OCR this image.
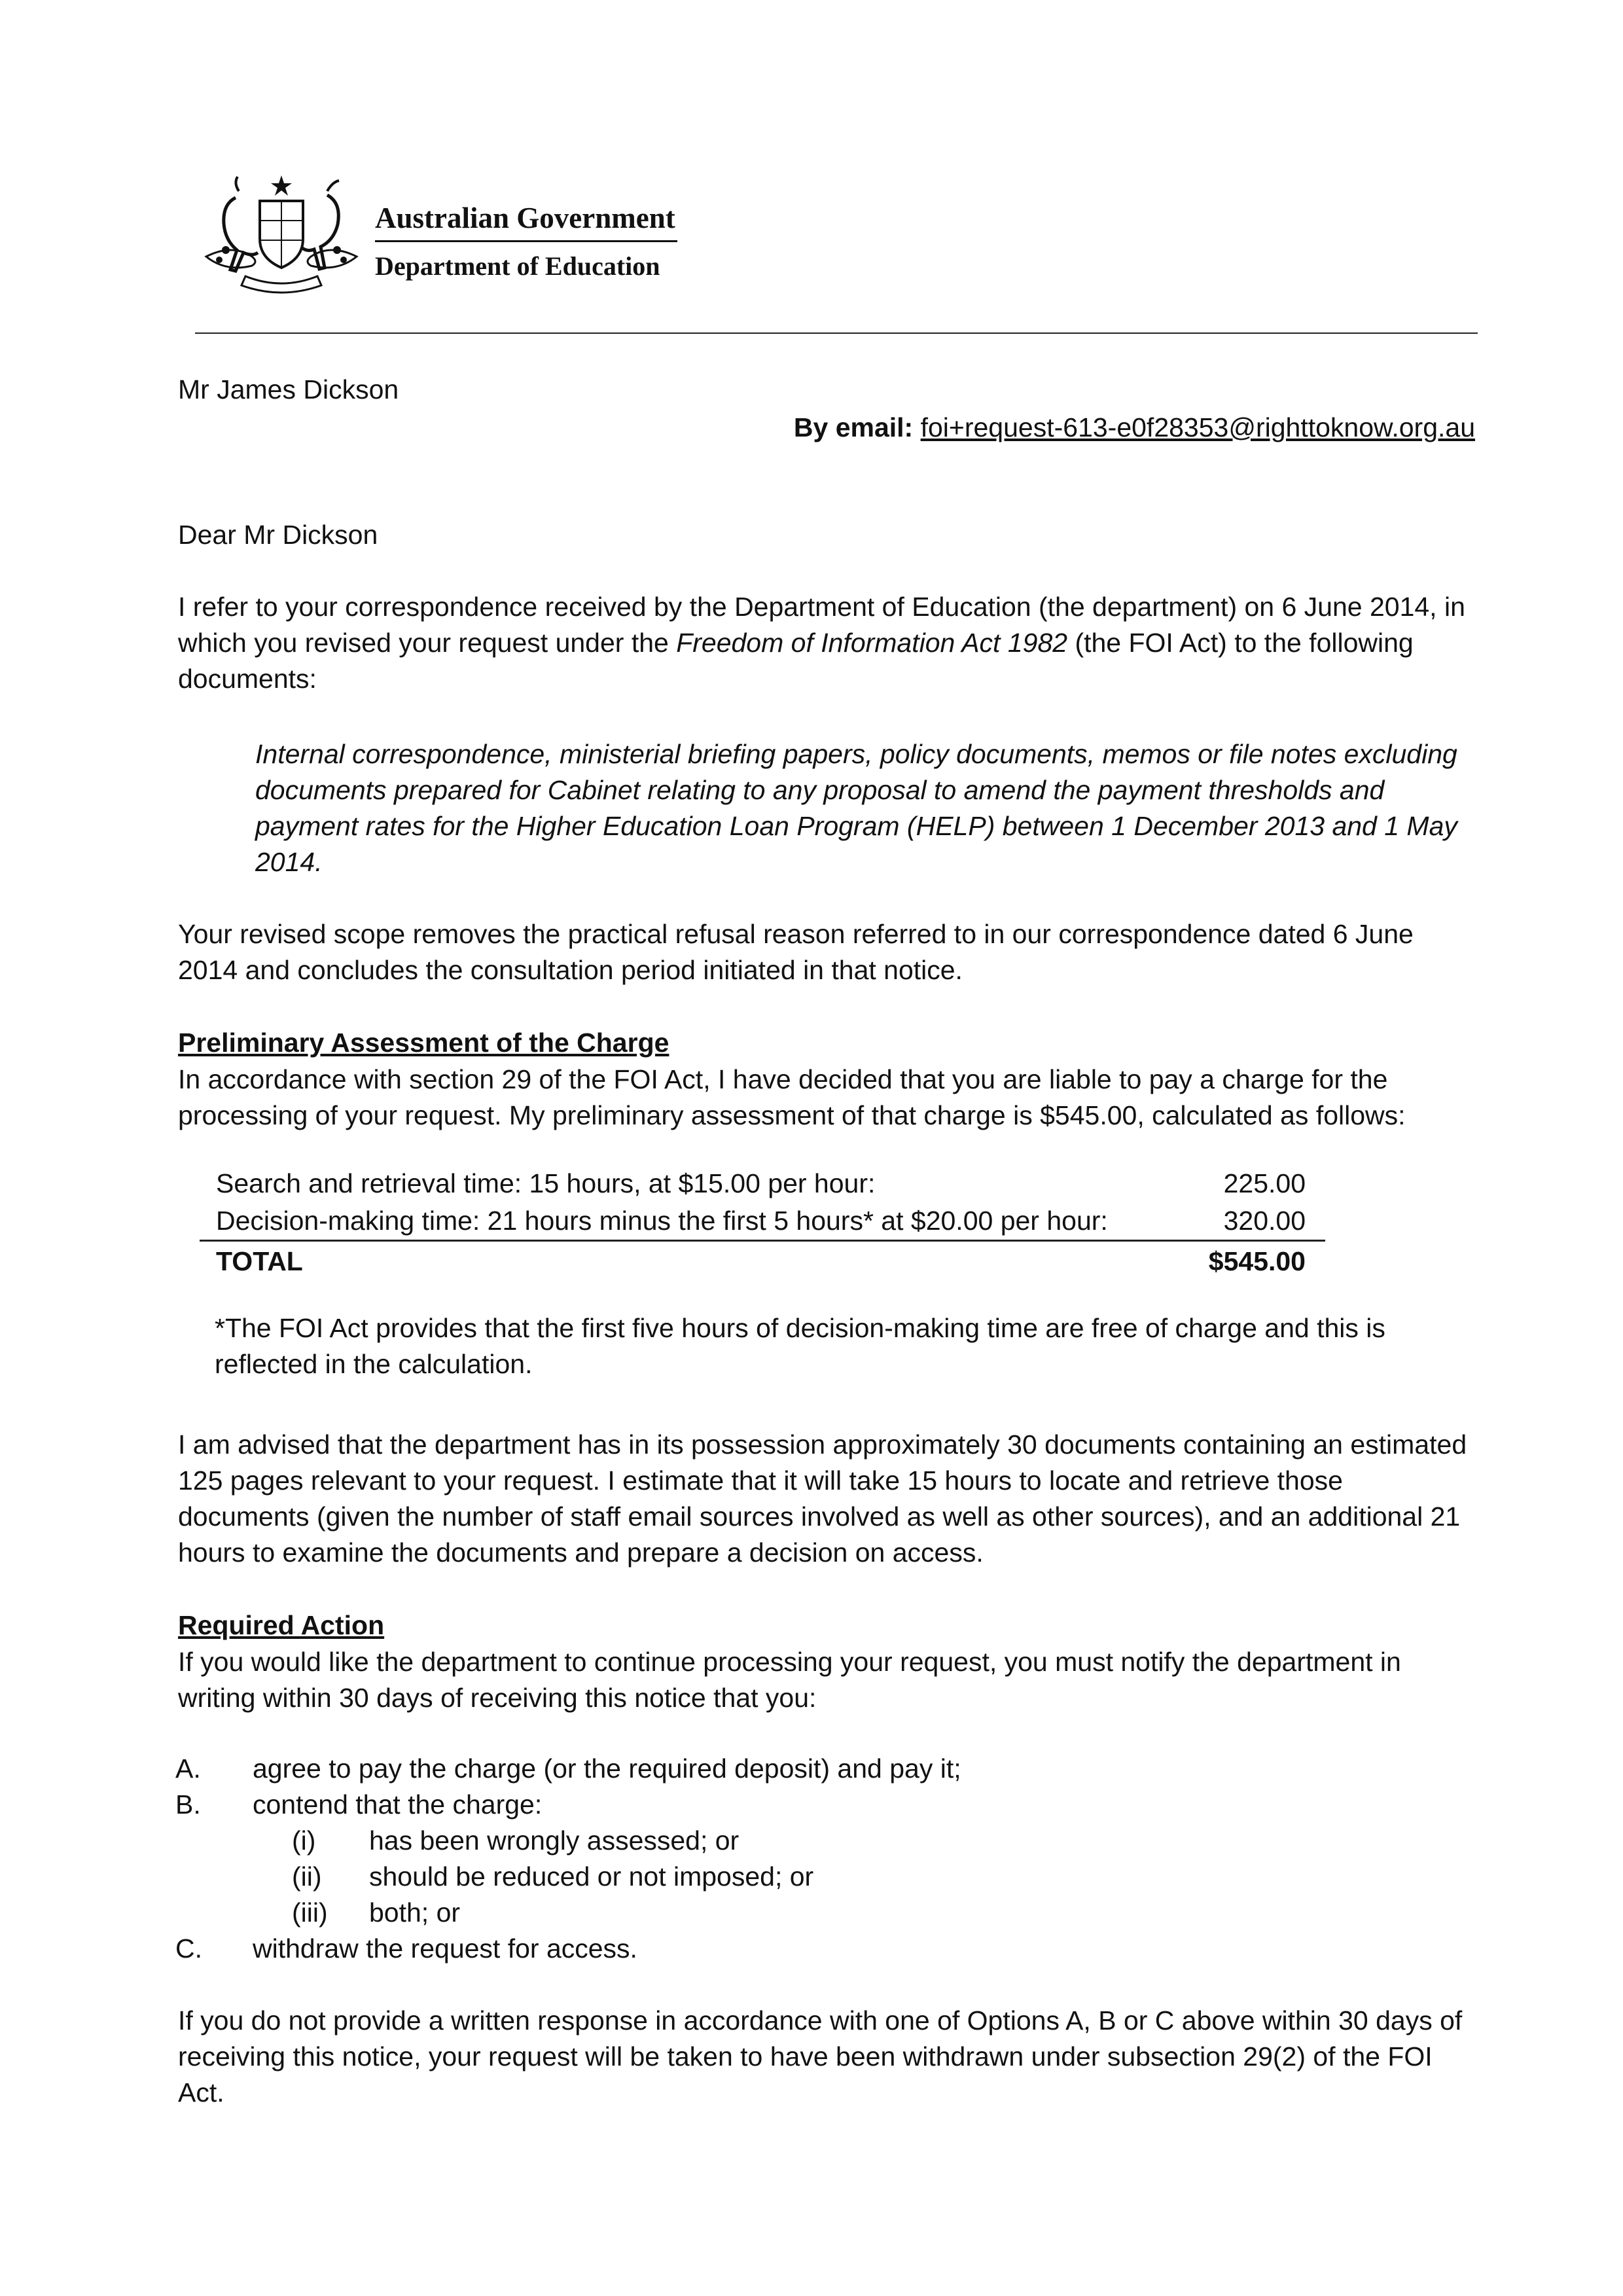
Australian Government
Department of Education
Mr James Dickson
By email: foi+request-613-e0f28353@righttoknow.org.au
Dear Mr Dickson
I refer to your correspondence received by the Department of Education (the department) on 6 June 2014, in which you revised your request under the Freedom of Information Act 1982 (the FOI Act) to the following documents:
Internal correspondence, ministerial briefing papers, policy documents, memos or file notes excluding documents prepared for Cabinet relating to any proposal to amend the payment thresholds and payment rates for the Higher Education Loan Program (HELP) between 1 December 2013 and 1 May 2014.
Your revised scope removes the practical refusal reason referred to in our correspondence dated 6 June 2014 and concludes the consultation period initiated in that notice.
Preliminary Assessment of the Charge
In accordance with section 29 of the FOI Act, I have decided that you are liable to pay a charge for the processing of your request. My preliminary assessment of that charge is $545.00, calculated as follows:
Search and retrieval time: 15 hours, at $15.00 per hour:	225.00
Decision-making time: 21 hours minus the first 5 hours* at $20.00 per hour:	320.00
TOTAL	$545.00
*The FOI Act provides that the first five hours of decision-making time are free of charge and this is reflected in the calculation.
I am advised that the department has in its possession approximately 30 documents containing an estimated 125 pages relevant to your request. I estimate that it will take 15 hours to locate and retrieve those documents (given the number of staff email sources involved as well as other sources), and an additional 21 hours to examine the documents and prepare a decision on access.
Required Action
If you would like the department to continue processing your request, you must notify the department in writing within 30 days of receiving this notice that you:
A. agree to pay the charge (or the required deposit) and pay it;
B. contend that the charge:
(i) has been wrongly assessed; or
(ii) should be reduced or not imposed; or
(iii) both; or
C. withdraw the request for access.
If you do not provide a written response in accordance with one of Options A, B or C above within 30 days of receiving this notice, your request will be taken to have been withdrawn under subsection 29(2) of the FOI Act.
